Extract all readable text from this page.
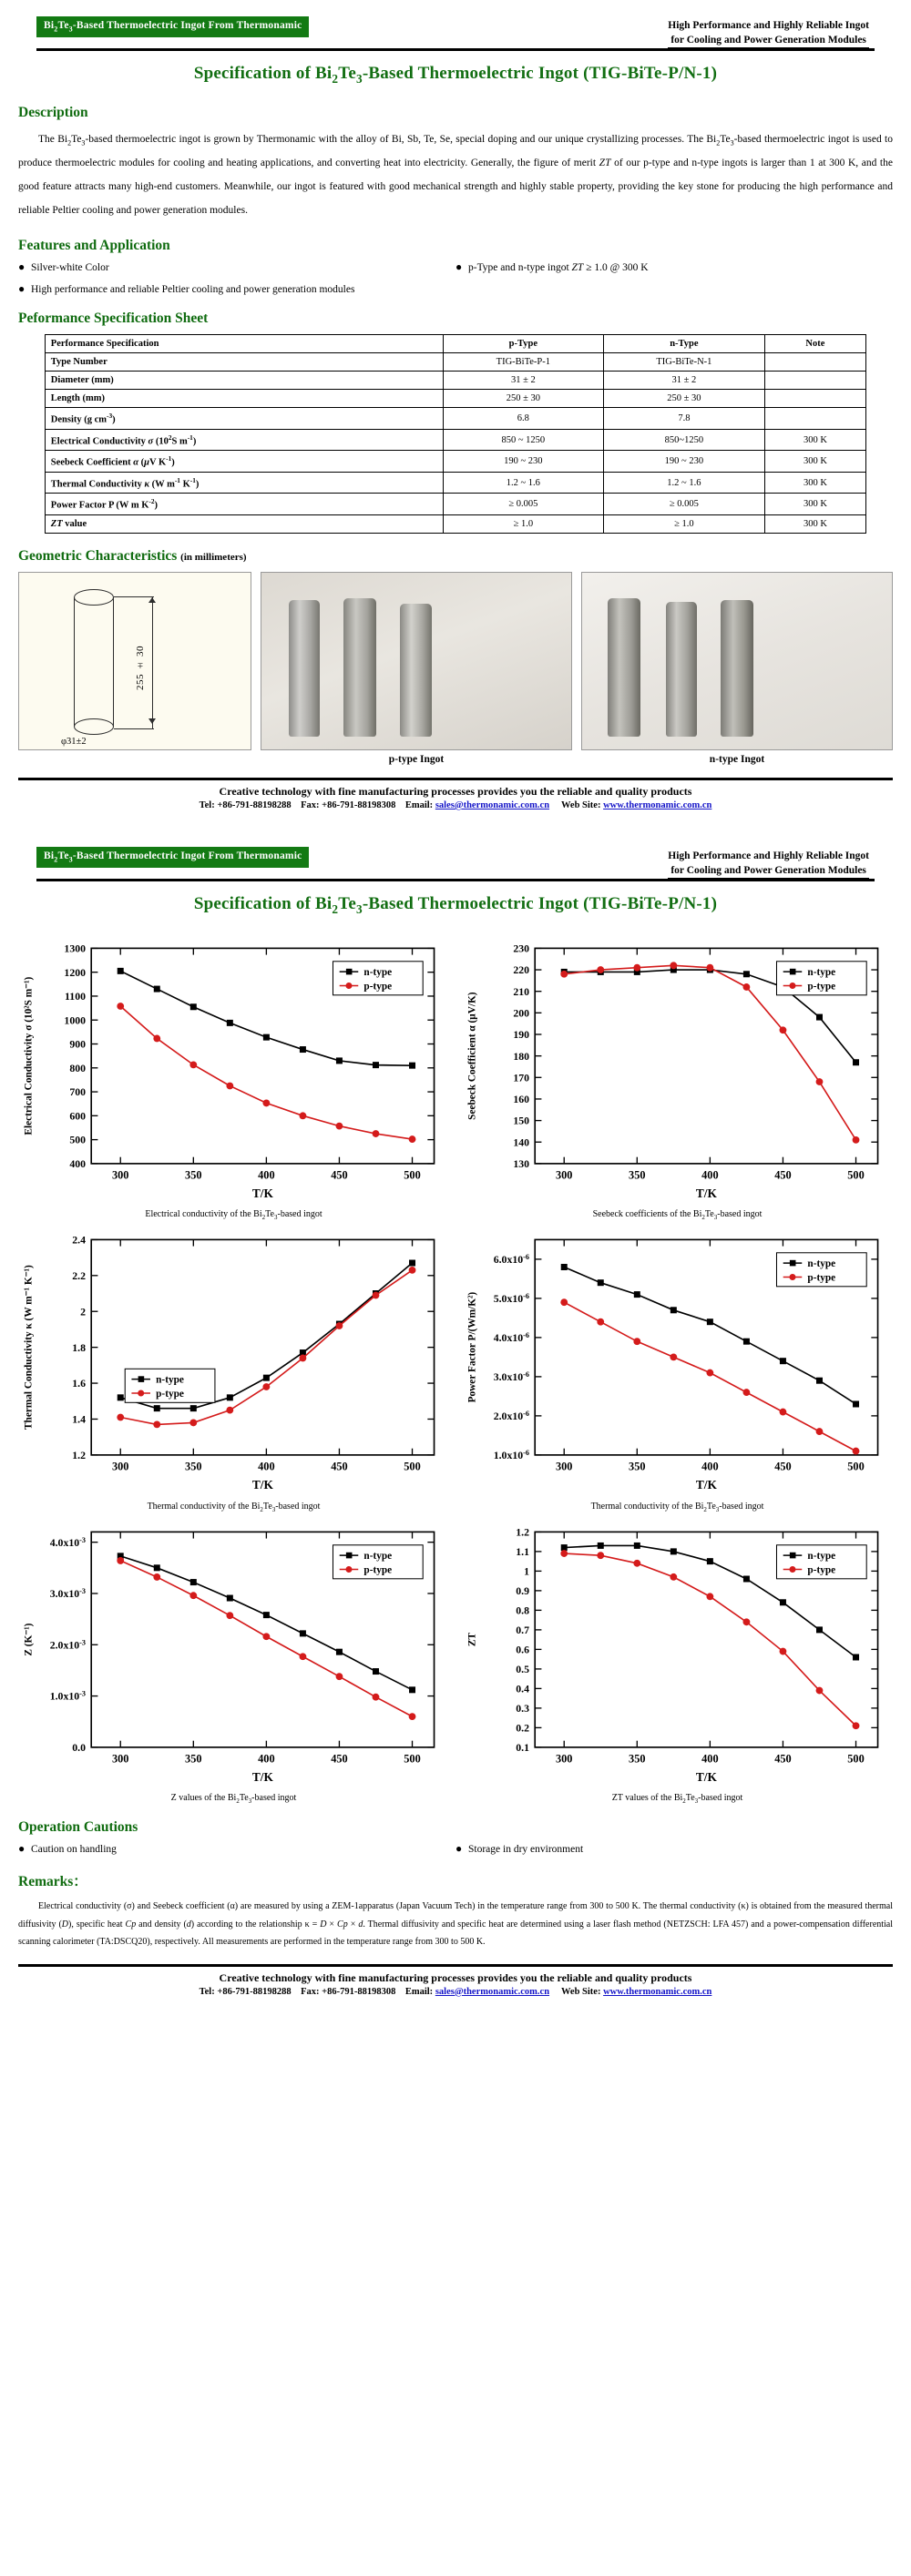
$Bi_2Te_3$-Based Thermoelectric Ingot From Thermonamic	High Performance and Highly Reliable Ingot
for Cooling and Power Generation Modules
Specification of $Bi_2Te_3$-Based Thermoelectric Ingot (TIG-BiTe-P/N-1)
Description

The $Bi_2Te_3$-based thermoelectric ingot is grown by Thermonamic with the alloy of Bi, Sb, Te, Se, special doping and our unique crystallizing processes. The $Bi_2Te_3$-based thermoelectric ingot is used to produce thermoelectric modules for cooling and heating applications, and converting heat into electricity. Generally, the figure of merit ZT of our p-type and n-type ingots is larger than 1 at 300 K, and the good feature attracts many high-end customers. Meanwhile, our ingot is featured with good mechanical strength and highly stable property, providing the key stone for producing the high performance and reliable Peltier cooling and power generation modules.

Features and Application
● Silver-white Color	● p-Type and n-type ingot ZT ≥ 1.0 @ 300 K
● High performance and reliable Peltier cooling and power generation modules
Peformance Specification Sheet
Performance Specification	p-Type	n-Type	Note
Type Number	TIG-BiTe-P-1	TIG-BiTe-N-1	
Diameter (mm)	31 ± 2	31 ± 2	
Length (mm)	250 ± 30	250 ± 30	
Density (g $cm^{-3}$)	6.8	7.8	
Electrical Conductivity σ ($10^2S$ $m^{-1}$)	850 ~ 1250	850~1250	300 K
Seebeck Coefficient α (μV $K^{-1}$)	190 ~ 230	190 ~ 230	300 K
Thermal Conductivity κ (W $m^{-1}$ $K^{-1}$)	1.2 ~ 1.6	1.2 ~ 1.6	300 K
Power Factor P (W m $K^{-2}$)	≥ 0.005	≥ 0.005	300 K
ZT value	≥ 1.0	≥ 1.0	300 K
Geometric Characteristics (in millimeters)
255 ± 30
φ31±2
p-type Ingot	n-type Ingot
Creative technology with fine manufacturing processes provides you the reliable and quality products
Tel: +86-791-88198288 Fax: +86-791-88198308 Email: sales@thermonamic.com.cn Web Site: www.thermonamic.com.cn
$Bi_2Te_3$-Based Thermoelectric Ingot From Thermonamic	High Performance and Highly Reliable Ingot
for Cooling and Power Generation Modules
Specification of $Bi_2Te_3$-Based Thermoelectric Ingot (TIG-BiTe-P/N-1)
300	350	400	450	500
400
500
600
700
800
900
1000
1100
1200
1300
T/K
Electrical Conductivity σ (10²S m⁻¹)
n-type
p-type
Electrical conductivity of the $Bi_2Te_3$-based ingot
300	350	400	450	500
130
140
150
160
170
180
190
200
210
220
230
T/K
Seebeck Coefficient α (μV/K)
n-type
p-type
Seebeck coefficients of the $Bi_2Te_3$-based ingot
300	350	400	450	500
1.2
1.4
1.6
1.8
2
2.2
2.4
T/K
Thermal Conductivity κ (W m⁻¹ K⁻¹)	n-type
p-type
Thermal conductivity of the $Bi_2Te_3$-based ingot
300	350	400	450	500
$1.0x10^{-6}$
$2.0x10^{-6}$
$3.0x10^{-6}$
$4.0x10^{-6}$
$5.0x10^{-6}$
$6.0x10^{-6}$
T/K
Power Factor P/(Wm/K²)
n-type
p-type
Thermal conductivity of the $Bi_2Te_3$-based ingot
300	350	400	450	500
0.0
$1.0x10^{-3}$
$2.0x10^{-3}$
$3.0x10^{-3}$
$4.0x10^{-3}$
T/K
Z (K⁻¹)
n-type
p-type
Z values of the $Bi_2Te_3$-based ingot
300	350	400	450	500
0.1
0.2
0.3
0.4
0.5
0.6
0.7
0.8
0.9
1
1.1
1.2
T/K
ZT
n-type
p-type
ZT values of the $Bi_2Te_3$-based ingot
Operation Cautions
● Caution on handling	● Storage in dry environment
Remarks：

Electrical conductivity (σ) and Seebeck coefficient (α) are measured by using a ZEM-1apparatus (Japan Vacuum Tech) in the temperature range from 300 to 500 K. The thermal conductivity (κ) is obtained from the measured thermal diffusivity (D), specific heat Cp and density (d) according to the relationship κ = D × Cp × d. Thermal diffusivity and specific heat are determined using a laser flash method (NETZSCH: LFA 457) and a power-compensation differential scanning calorimeter (TA:DSCQ20), respectively. All measurements are performed in the temperature range from 300 to 500 K.

Creative technology with fine manufacturing processes provides you the reliable and quality products
Tel: +86-791-88198288 Fax: +86-791-88198308 Email: sales@thermonamic.com.cn Web Site: www.thermonamic.com.cn
